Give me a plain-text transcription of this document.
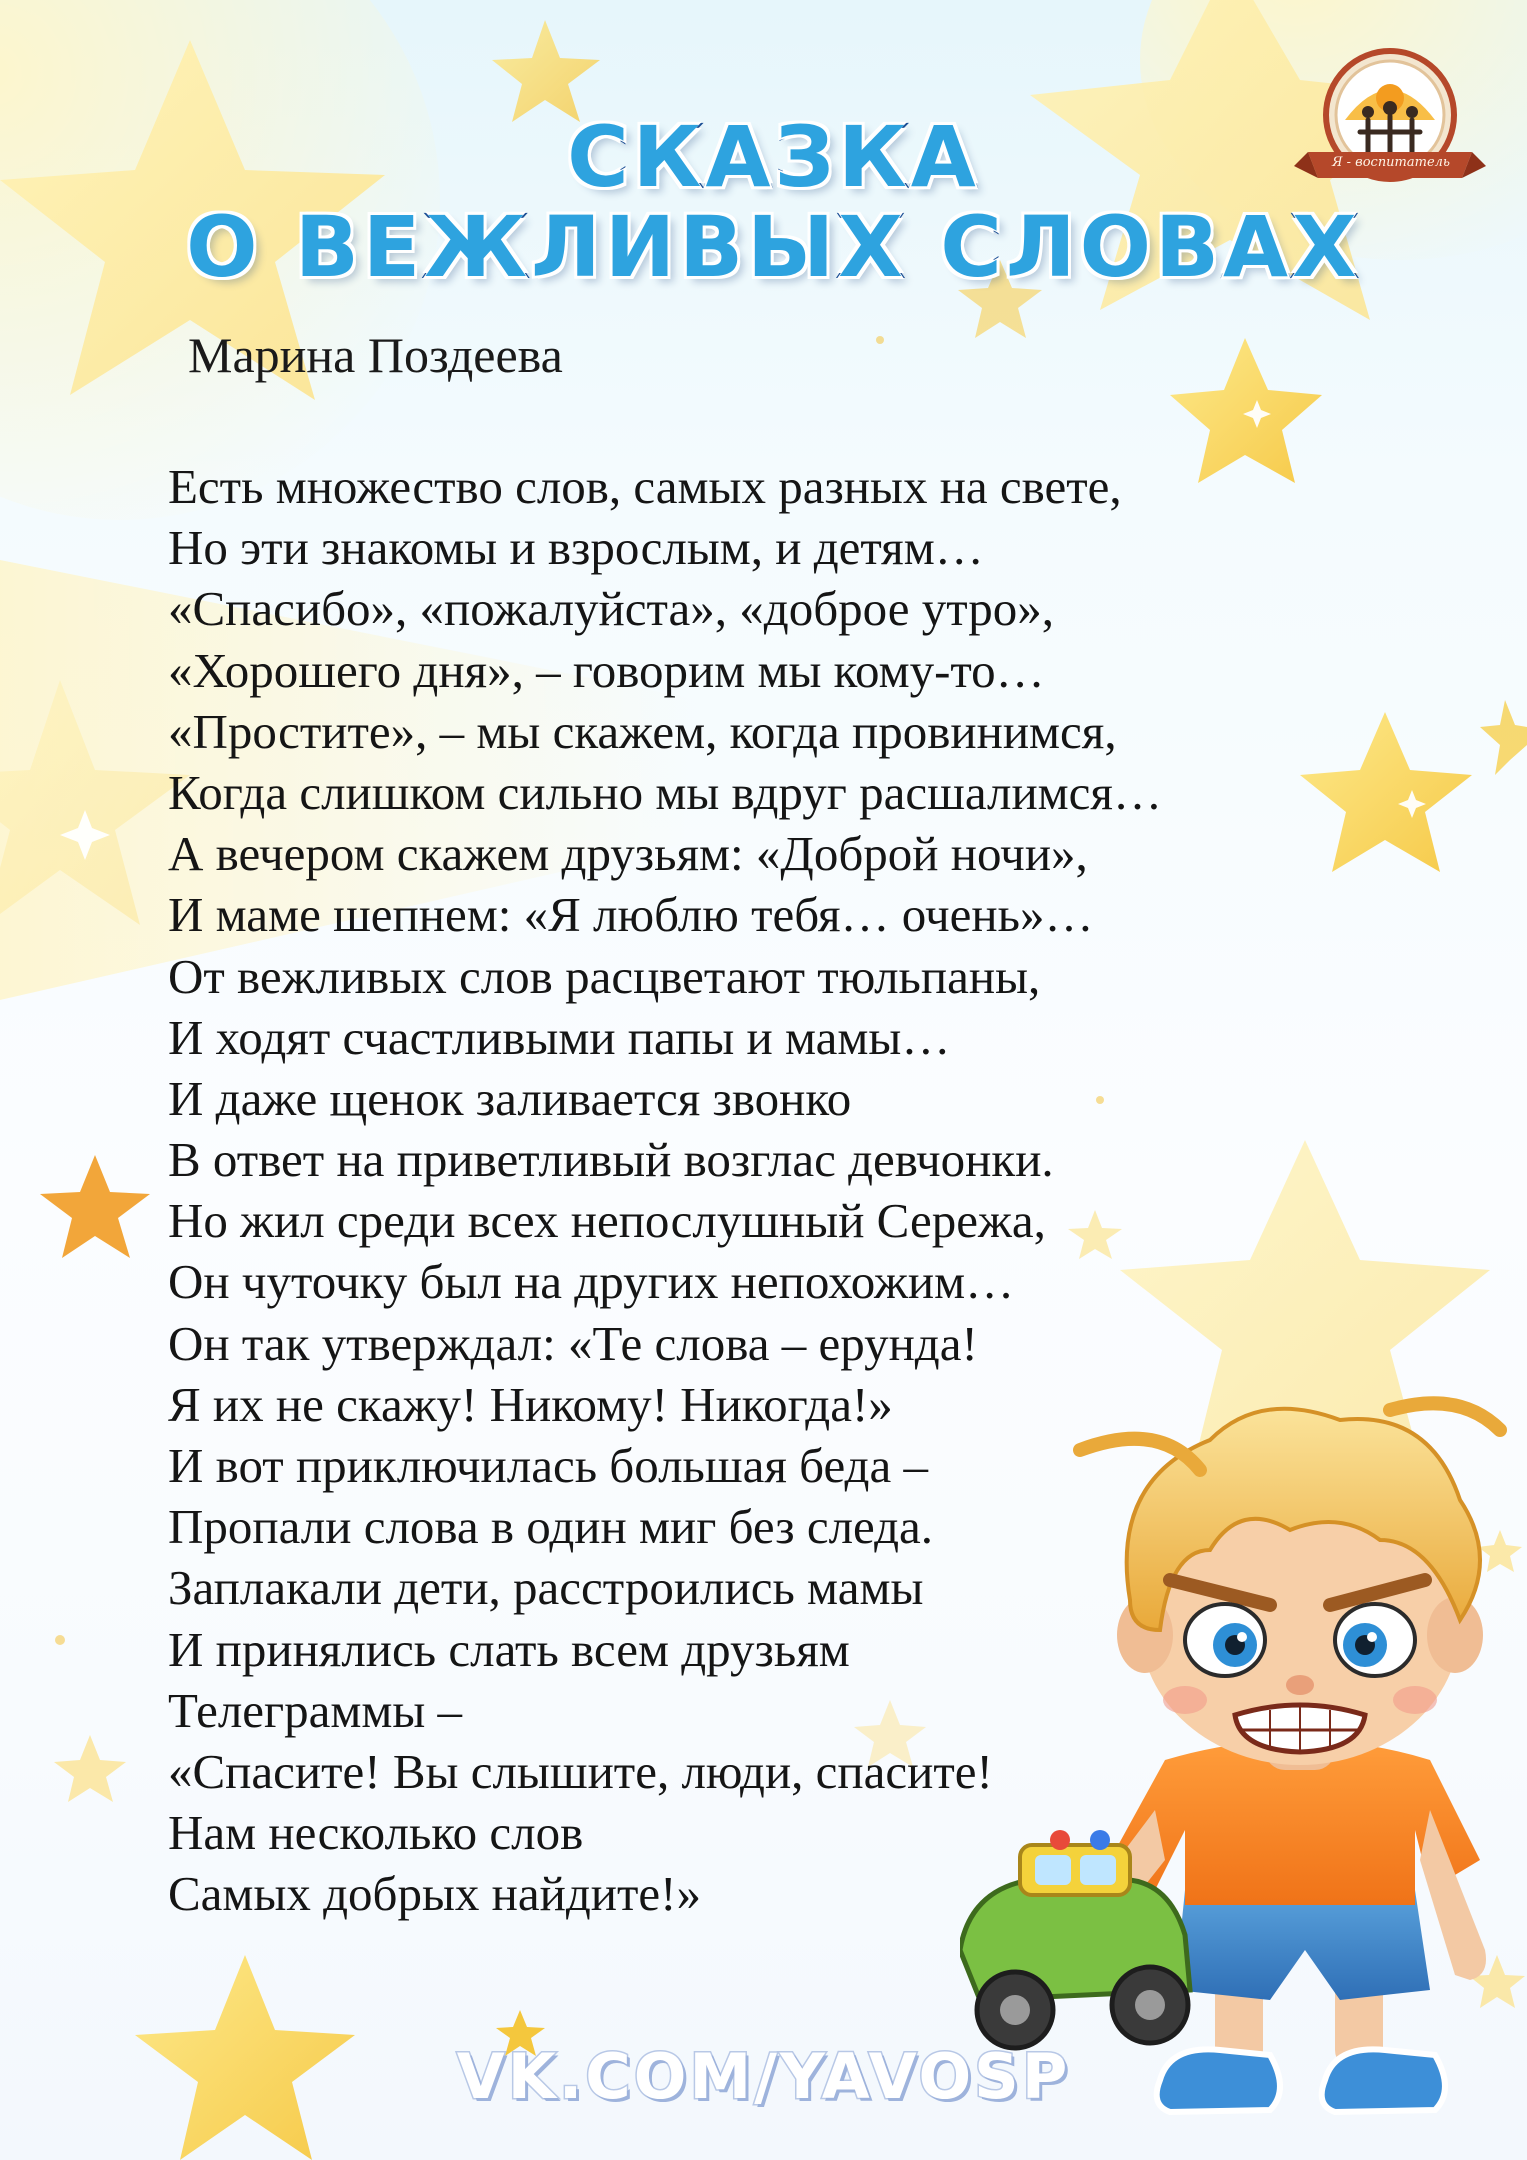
Я - воспитатель
СКАЗКА
О ВЕЖЛИВЫХ СЛОВАХ
Марина Поздеева
Есть множество слов, самых разных на свете,
Но эти знакомы и взрослым, и детям…
«Спасибо», «пожалуйста», «доброе утро»,
«Хорошего дня», – говорим мы кому-то…
«Простите», – мы скажем, когда провинимся,
Когда слишком сильно мы вдруг расшалимся…
А вечером скажем друзьям: «Доброй ночи»,
И маме шепнем: «Я люблю тебя… очень»…
От вежливых слов расцветают тюльпаны,
И ходят счастливыми папы и мамы…
И даже щенок заливается звонко
В ответ на приветливый возглас девчонки.
Но жил среди всех непослушный Сережа,
Он чуточку был на других непохожим…
Он так утверждал: «Те слова – ерунда!
Я их не скажу! Никому! Никогда!»
И вот приключилась большая беда –
Пропали слова в один миг без следа.
Заплакали дети, расстроились мамы
И принялись слать всем друзьям
Телеграммы –
«Спасите! Вы слышите, люди, спасите!
Нам несколько слов
Самых добрых найдите!»
VK.COM/YAVOSP
